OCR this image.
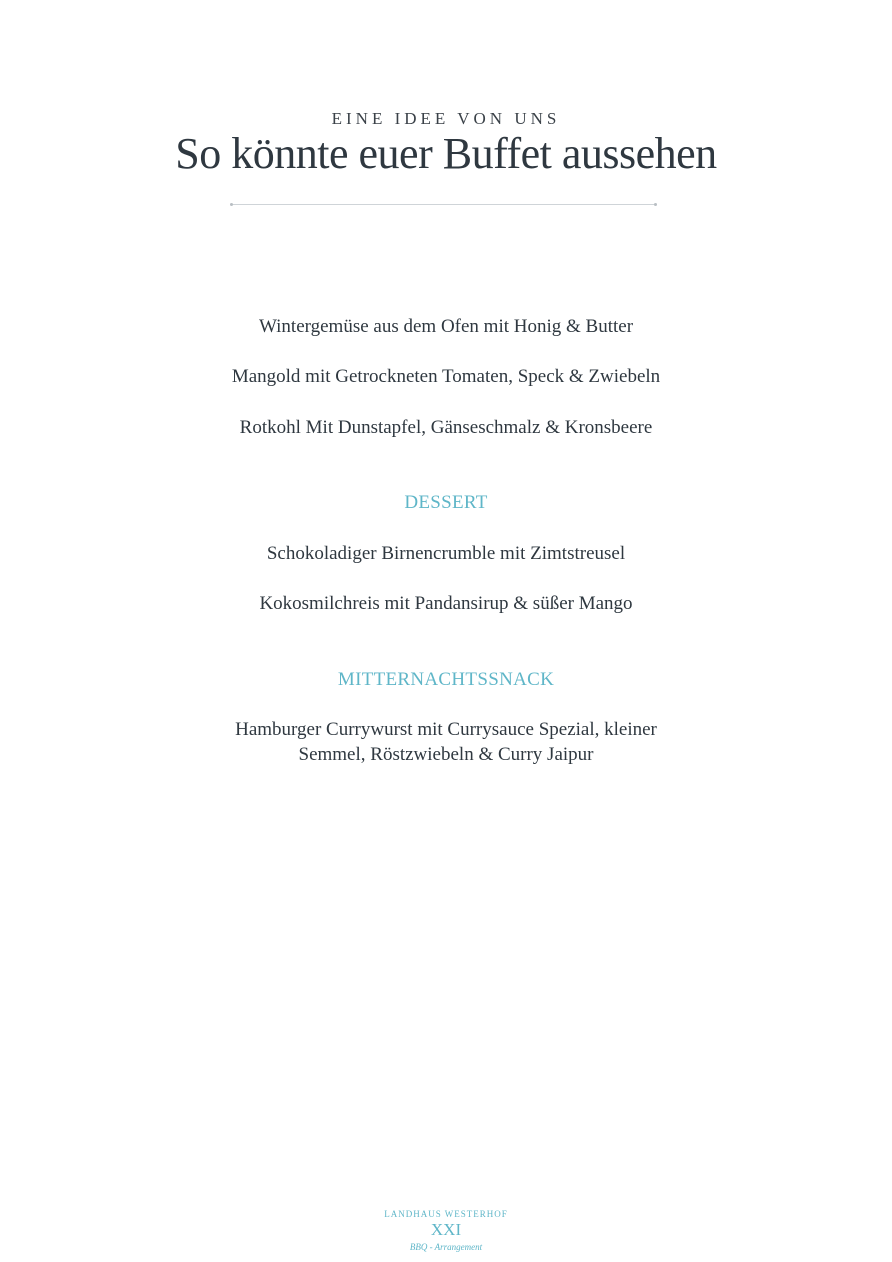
EINE IDEE VON UNS
So könnte euer Buffet aussehen
Wintergemüse aus dem Ofen mit Honig & Butter
Mangold mit Getrockneten Tomaten, Speck & Zwiebeln
Rotkohl Mit Dunstapfel, Gänseschmalz & Kronsbeere
DESSERT
Schokoladiger Birnencrumble mit Zimtstreusel
Kokosmilchreis mit Pandansirup & süßer Mango
MITTERNACHTSSNACK
Hamburger Currywurst mit Currysauce Spezial, kleiner
Semmel, Röstzwiebeln & Curry Jaipur
LANDHAUS WESTERHOF
XXI
BBQ - Arrangement
